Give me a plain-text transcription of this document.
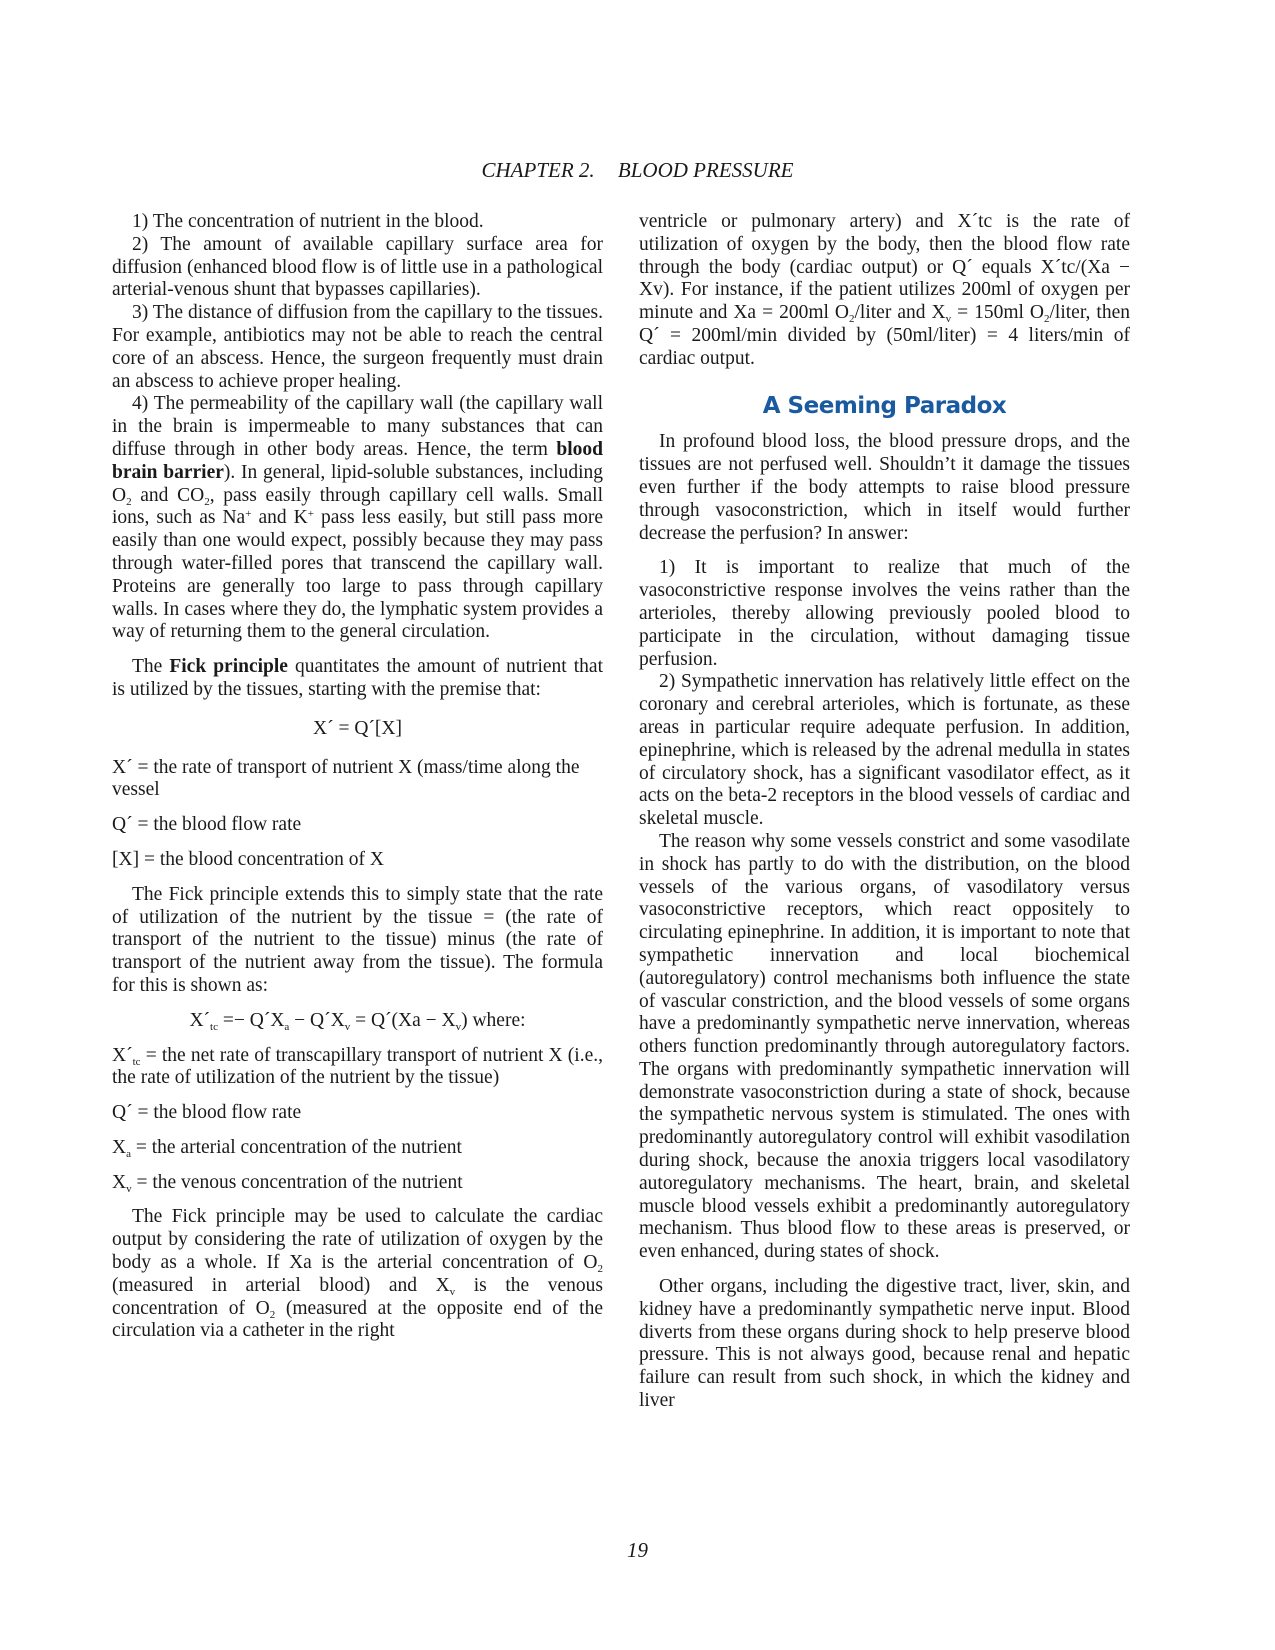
CHAPTER 2. BLOOD PRESSURE

1) The concentration of nutrient in the blood.

2) The amount of available capillary surface area for diffusion (enhanced blood flow is of little use in a pathological arterial-venous shunt that bypasses capillaries).

3) The distance of diffusion from the capillary to the tissues. For example, antibiotics may not be able to reach the central core of an abscess. Hence, the surgeon frequently must drain an abscess to achieve proper healing.

4) The permeability of the capillary wall (the capillary wall in the brain is impermeable to many substances that can diffuse through in other body areas. Hence, the term blood brain barrier). In general, lipid-soluble substances, including $O_2$ and $CO_2$, pass easily through capillary cell walls. Small ions, such as Na+ and K+ pass less easily, but still pass more easily than one would expect, possibly because they may pass through water-filled pores that transcend the capillary wall. Proteins are generally too large to pass through capillary walls. In cases where they do, the lymphatic system provides a way of returning them to the general circulation.

The Fick principle quantitates the amount of nutrient that is utilized by the tissues, starting with the premise that:

X´ = Q´[X]

X´ = the rate of transport of nutrient X (mass/time along the vessel

Q´ = the blood flow rate

[X] = the blood concentration of X

The Fick principle extends this to simply state that the rate of utilization of the nutrient by the tissue = (the rate of transport of the nutrient to the tissue) minus (the rate of transport of the nutrient away from the tissue). The formula for this is shown as:

$X´_{tc}$ =− $Q´X_a$ − $Q´X_v$ = Q´(Xa − $X_v$) where:

$X´_{tc}$ = the net rate of transcapillary transport of nutrient X (i.e., the rate of utilization of the nutrient by the tissue)

Q´ = the blood flow rate

$X_a$ = the arterial concentration of the nutrient

$X_v$ = the venous concentration of the nutrient

The Fick principle may be used to calculate the cardiac output by considering the rate of utilization of oxygen by the body as a whole. If Xa is the arterial concentration of $O_2$ (measured in arterial blood) and $X_v$ is the venous concentration of $O_2$ (measured at the opposite end of the circulation via a catheter in the right

ventricle or pulmonary artery) and X´tc is the rate of utilization of oxygen by the body, then the blood flow rate through the body (cardiac output) or Q´ equals X´tc/(Xa − Xv). For instance, if the patient utilizes 200ml of oxygen per minute and Xa = 200ml $O_2$/liter and $X_v = 150ml$ $O_2$/liter, then Q´ = 200ml/min divided by (50ml/liter) = 4 liters/min of cardiac output.

A Seeming Paradox

In profound blood loss, the blood pressure drops, and the tissues are not perfused well. Shouldn’t it damage the tissues even further if the body attempts to raise blood pressure through vasoconstriction, which in itself would further decrease the perfusion? In answer:

1) It is important to realize that much of the vasoconstrictive response involves the veins rather than the arterioles, thereby allowing previously pooled blood to participate in the circulation, without damaging tissue perfusion.

2) Sympathetic innervation has relatively little effect on the coronary and cerebral arterioles, which is fortunate, as these areas in particular require adequate perfusion. In addition, epinephrine, which is released by the adrenal medulla in states of circulatory shock, has a significant vasodilator effect, as it acts on the beta-2 receptors in the blood vessels of cardiac and skeletal muscle.

The reason why some vessels constrict and some vasodilate in shock has partly to do with the distribution, on the blood vessels of the various organs, of vasodilatory versus vasoconstrictive receptors, which react oppositely to circulating epinephrine. In addition, it is important to note that sympathetic innervation and local biochemical (autoregulatory) control mechanisms both influence the state of vascular constriction, and the blood vessels of some organs have a predominantly sympathetic nerve innervation, whereas others function predominantly through autoregulatory factors. The organs with predominantly sympathetic innervation will demonstrate vasoconstriction during a state of shock, because the sympathetic nervous system is stimulated. The ones with predominantly autoregulatory control will exhibit vasodilation during shock, because the anoxia triggers local vasodilatory autoregulatory mechanisms. The heart, brain, and skeletal muscle blood vessels exhibit a predominantly autoregulatory mechanism. Thus blood flow to these areas is preserved, or even enhanced, during states of shock.

Other organs, including the digestive tract, liver, skin, and kidney have a predominantly sympathetic nerve input. Blood diverts from these organs during shock to help preserve blood pressure. This is not always good, because renal and hepatic failure can result from such shock, in which the kidney and liver

19
